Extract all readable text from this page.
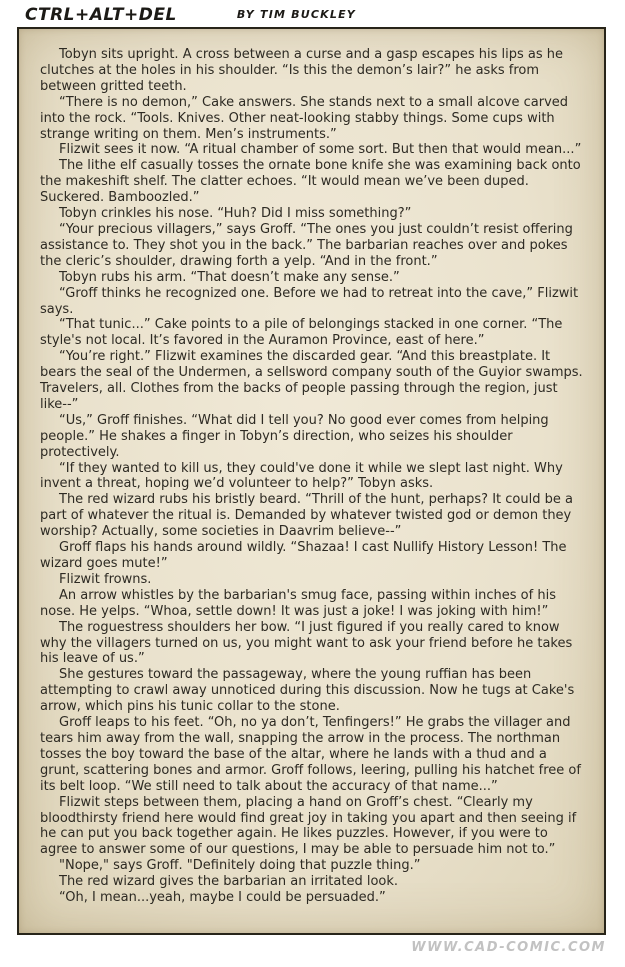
CTRL+ALT+DEL	BY TIM BUCKLEY

Tobyn sits upright. A cross between a curse and a gasp escapes his lips as he clutches at the holes in his shoulder. “Is this the demon’s lair?” he asks from between gritted teeth.

“There is no demon,” Cake answers. She stands next to a small alcove carved into the rock. “Tools. Knives. Other neat-looking stabby things. Some cups with strange writing on them. Men’s instruments.”

Flizwit sees it now. “A ritual chamber of some sort. But then that would mean...”

The lithe elf casually tosses the ornate bone knife she was examining back onto the makeshift shelf. The clatter echoes. “It would mean we’ve been duped. Suckered. Bamboozled.”

Tobyn crinkles his nose. “Huh? Did I miss something?”

“Your precious villagers,” says Groff. “The ones you just couldn’t resist offering assistance to. They shot you in the back.” The barbarian reaches over and pokes the cleric’s shoulder, drawing forth a yelp. “And in the front.”

Tobyn rubs his arm. “That doesn’t make any sense.”

“Groff thinks he recognized one. Before we had to retreat into the cave,” Flizwit says.

“That tunic...” Cake points to a pile of belongings stacked in one corner. “The style's not local. It’s favored in the Auramon Province, east of here.”

“You’re right.” Flizwit examines the discarded gear. “And this breastplate. It bears the seal of the Undermen, a sellsword company south of the Guyior swamps. Travelers, all. Clothes from the backs of people passing through the region, just like--”

“Us,” Groff finishes. “What did I tell you? No good ever comes from helping people.” He shakes a finger in Tobyn’s direction, who seizes his shoulder protectively.

“If they wanted to kill us, they could've done it while we slept last night. Why invent a threat, hoping we’d volunteer to help?” Tobyn asks.

The red wizard rubs his bristly beard. “Thrill of the hunt, perhaps? It could be a part of whatever the ritual is. Demanded by whatever twisted god or demon they worship? Actually, some societies in Daavrim believe--”

Groff flaps his hands around wildly. “Shazaa! I cast Nullify History Lesson! The wizard goes mute!”

Flizwit frowns.

An arrow whistles by the barbarian's smug face, passing within inches of his nose. He yelps. “Whoa, settle down! It was just a joke! I was joking with him!”

The roguestress shoulders her bow. “I just figured if you really cared to know why the villagers turned on us, you might want to ask your friend before he takes his leave of us.”

She gestures toward the passageway, where the young ruffian has been attempting to crawl away unnoticed during this discussion. Now he tugs at Cake's arrow, which pins his tunic collar to the stone.

Groff leaps to his feet. “Oh, no ya don’t, Tenfingers!” He grabs the villager and tears him away from the wall, snapping the arrow in the process. The northman tosses the boy toward the base of the altar, where he lands with a thud and a grunt, scattering bones and armor. Groff follows, leering, pulling his hatchet free of its belt loop. “We still need to talk about the accuracy of that name...”

Flizwit steps between them, placing a hand on Groff’s chest. “Clearly my bloodthirsty friend here would find great joy in taking you apart and then seeing if he can put you back together again. He likes puzzles. However, if you were to agree to answer some of our questions, I may be able to persuade him not to.”

"Nope," says Groff. "Definitely doing that puzzle thing.”

The red wizard gives the barbarian an irritated look.

“Oh, I mean...yeah, maybe I could be persuaded.”

WWW.CAD-COMIC.COM
